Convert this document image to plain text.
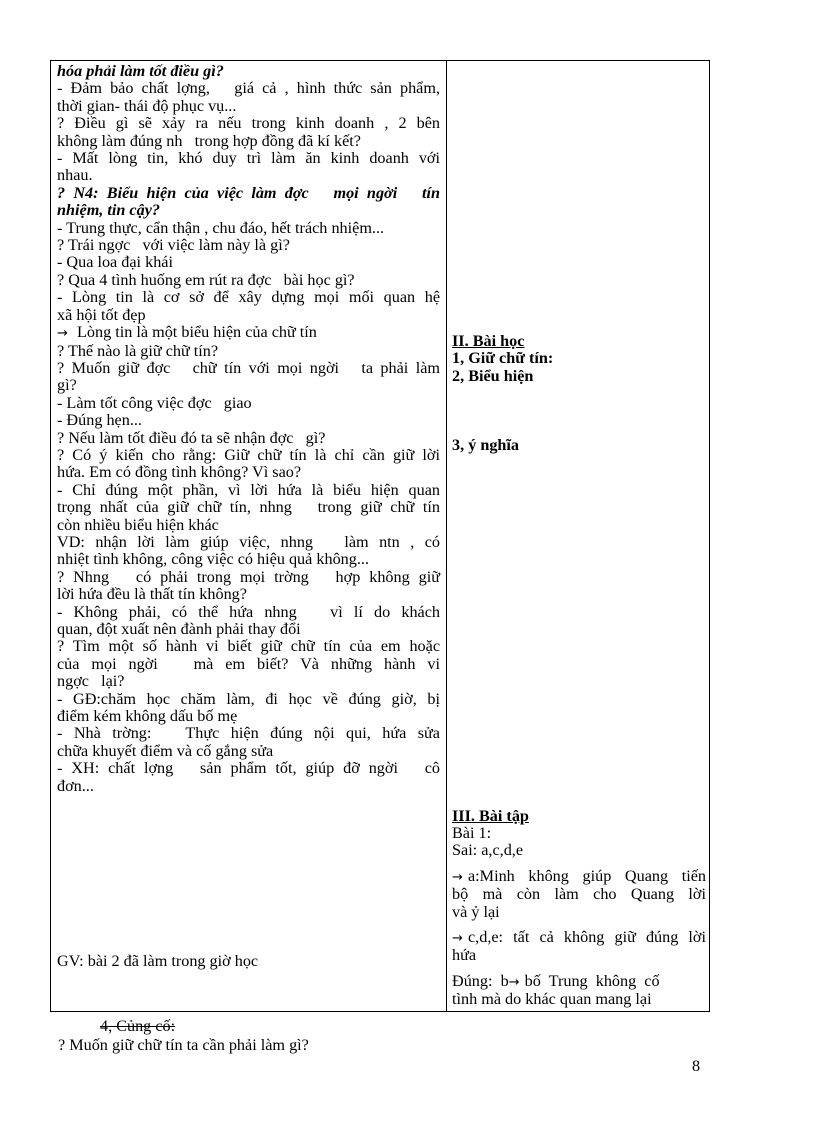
hóa phải làm tốt điều gì?
- Đảm bảo chất lợng,   giá cả , hình thức sản phẩm,
thời gian- thái độ phục vụ...
? Điều gì sẽ xảy ra nếu trong kinh doanh , 2 bên
không làm đúng nh   trong hợp đồng đã kí kết?
- Mất lòng tin, khó duy trì làm ăn kinh doanh với
nhau.
? N4: Biểu hiện của việc làm đợc   mọi ngời   tín
nhiệm, tin cậy?
- Trung thực, cẩn thận , chu đáo, hết trách nhiệm...
? Trái ngợc   với việc làm này là gì?
- Qua loa đại khái
? Qua 4 tình huống em rút ra đợc   bài học gì?
- Lòng tin là cơ sở để xây dựng mọi mối quan hệ
xã hội tốt đẹp
→ Lòng tin là một biểu hiện của chữ tín
? Thế nào là giữ chữ tín?
? Muốn giữ đợc   chữ tín với mọi ngời   ta phải làm
gì?
- Làm tốt công việc đợc   giao
- Đúng hẹn...
? Nếu làm tốt điều đó ta sẽ nhận đợc   gì?
? Có ý kiến cho rằng: Giữ chữ tín là chỉ cần giữ lời
hứa. Em có đồng tình không? Vì sao?
- Chỉ đúng một phần, vì lời hứa là biểu hiện quan
trọng nhất của giữ chữ tín, nhng   trong giữ chữ tín
còn nhiều biểu hiện khác
VD: nhận lời làm giúp việc, nhng   làm ntn , có
nhiệt tình không, công việc có hiệu quả không...
? Nhng   có phải trong mọi trờng   hợp không giữ
lời hứa đều là thất tín không?
- Không phải, có thể hứa nhng   vì lí do khách
quan, đột xuất nên đành phải thay đổi
? Tìm một số hành vi biết giữ chữ tín của em hoặc
của mọi ngời   mà em biết? Và những hành vi
ngợc   lại?
- GĐ:chăm học chăm làm, đi học về đúng giờ, bị
điểm kém không dấu bố mẹ
- Nhà trờng:   Thực hiện đúng nội qui, hứa sửa
chữa khuyết điểm và cố gắng sửa
- XH: chất lợng   sản phẩm tốt, giúp đỡ ngời   cô
đơn...
GV: bài 2 đã làm trong giờ học
II. Bài học
1, Giữ chữ tín:
2, Biểu hiện
3, ý nghĩa
III. Bài tập
Bài 1:
Sai: a,c,d,e
→ a:Minh không giúp Quang tiến
bộ mà còn làm cho Quang lời
và ỷ lại
→ c,d,e: tất cả không giữ đúng lời
hứa
Đúng:  b→ bố  Trung  không  cố
tình mà do khác quan mang lại
4, Củng cố:
? Muốn giữ chữ tín ta cần phải làm gì?
8
